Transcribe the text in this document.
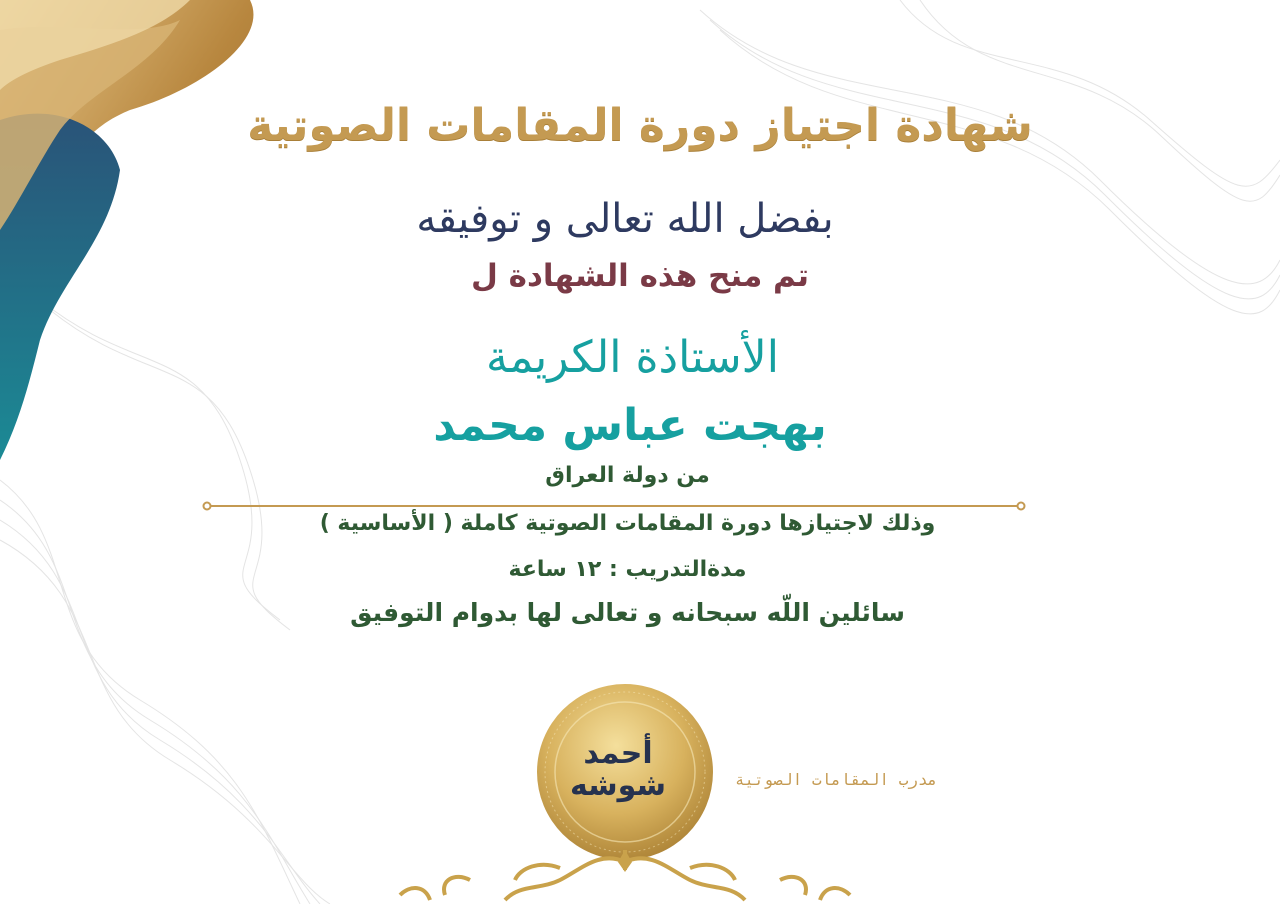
شهادة اجتياز دورة المقامات الصوتية
بفضل الله تعالى و توفيقه
تم منح هذه الشهادة ل
الأستاذة الكريمة
بهجت عباس محمد
من دولة العراق
وذلك لاجتيازها دورة المقامات الصوتية كاملة ( الأساسية )
مدةالتدريب : ١٢ ساعة
سائلين اللّه سبحانه و تعالى لها بدوام التوفيق
أحمد
شوشه	مدرب المقامات الصوتية
